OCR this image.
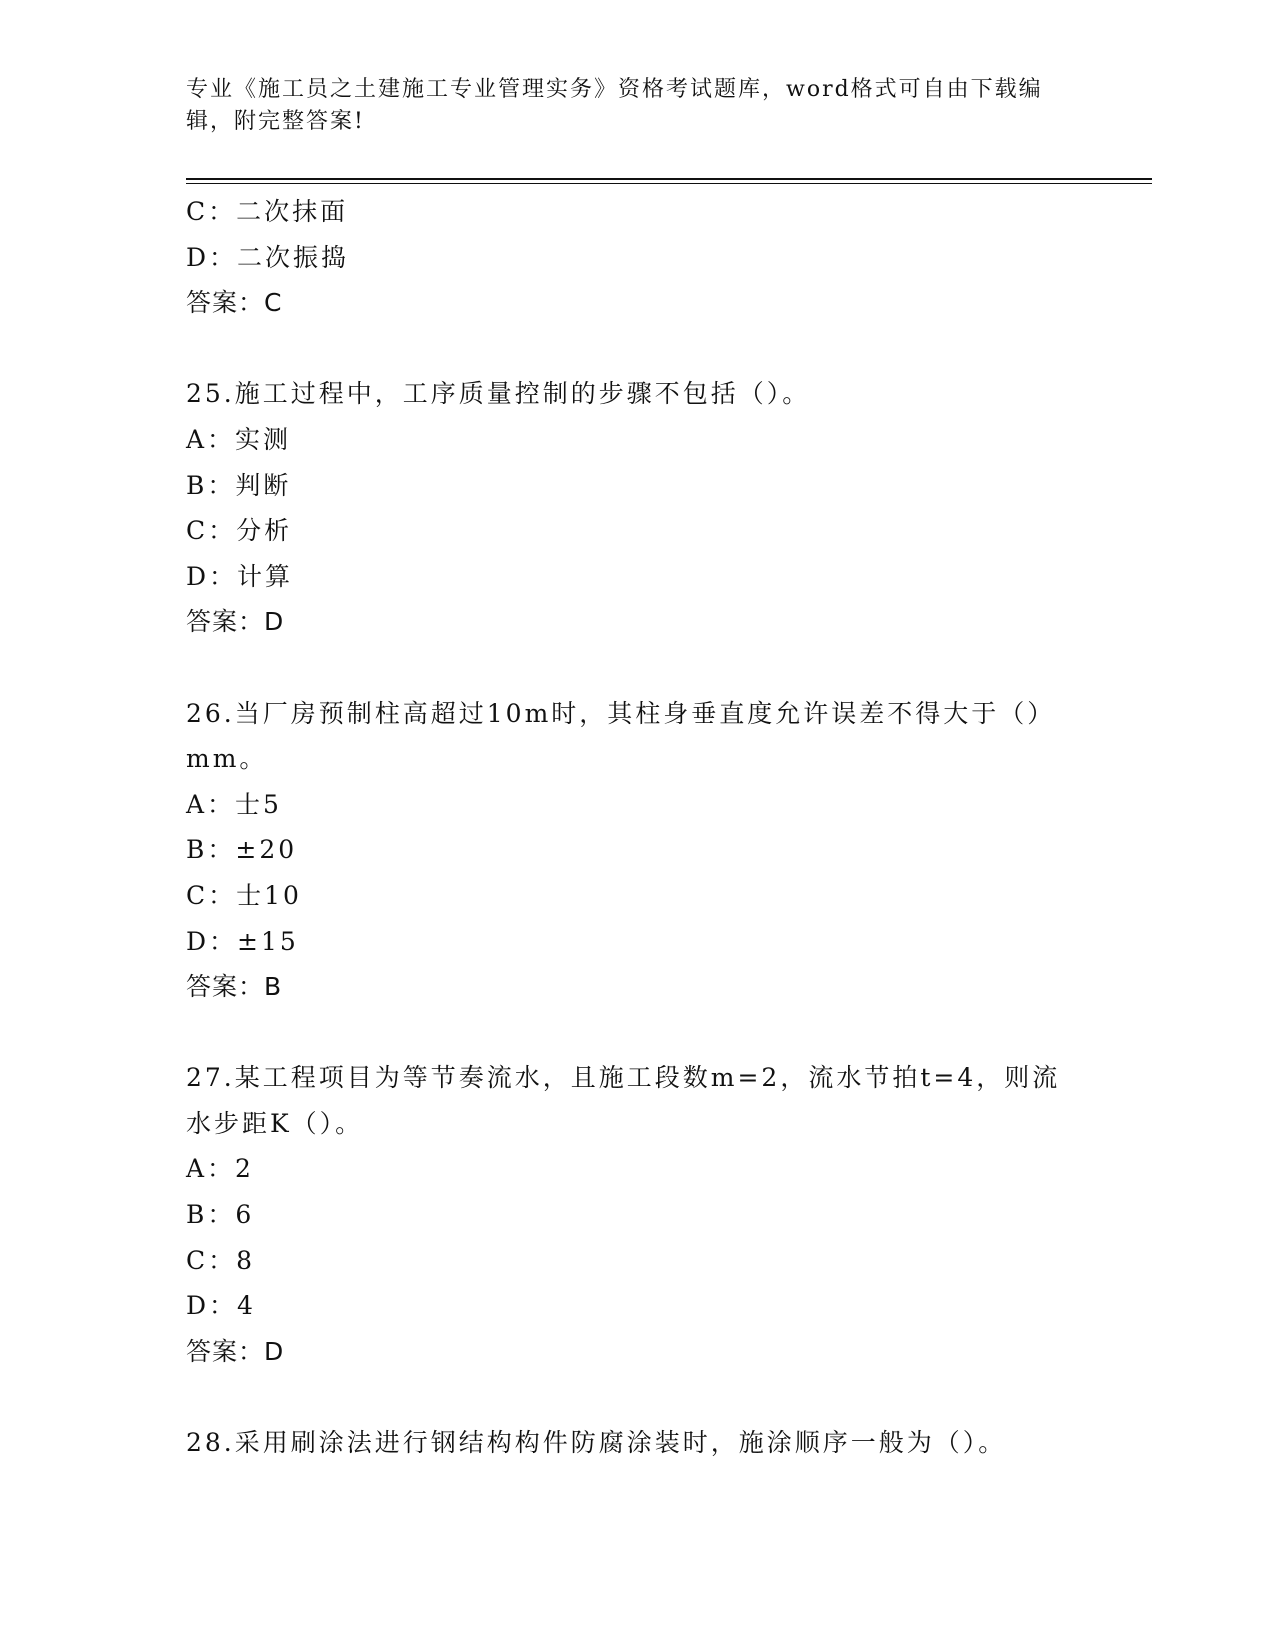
专业《施工员之土建施工专业管理实务》资格考试题库，word格式可自由下载编
辑，附完整答案!
C：二次抹面
D：二次振捣
答案：C
25.施工过程中，工序质量控制的步骤不包括（）。
A：实测
B：判断
C：分析
D：计算
答案：D
26.当厂房预制柱高超过10m时，其柱身垂直度允许误差不得大于（）
mm。
A：士5
B：±20
C：士10
D：±15
答案：B
27.某工程项目为等节奏流水，且施工段数m=2，流水节拍t=4，则流
水步距K（）。
A：2
B：6
C：8
D：4
答案：D
28.采用刷涂法进行钢结构构件防腐涂装时，施涂顺序一般为（）。
